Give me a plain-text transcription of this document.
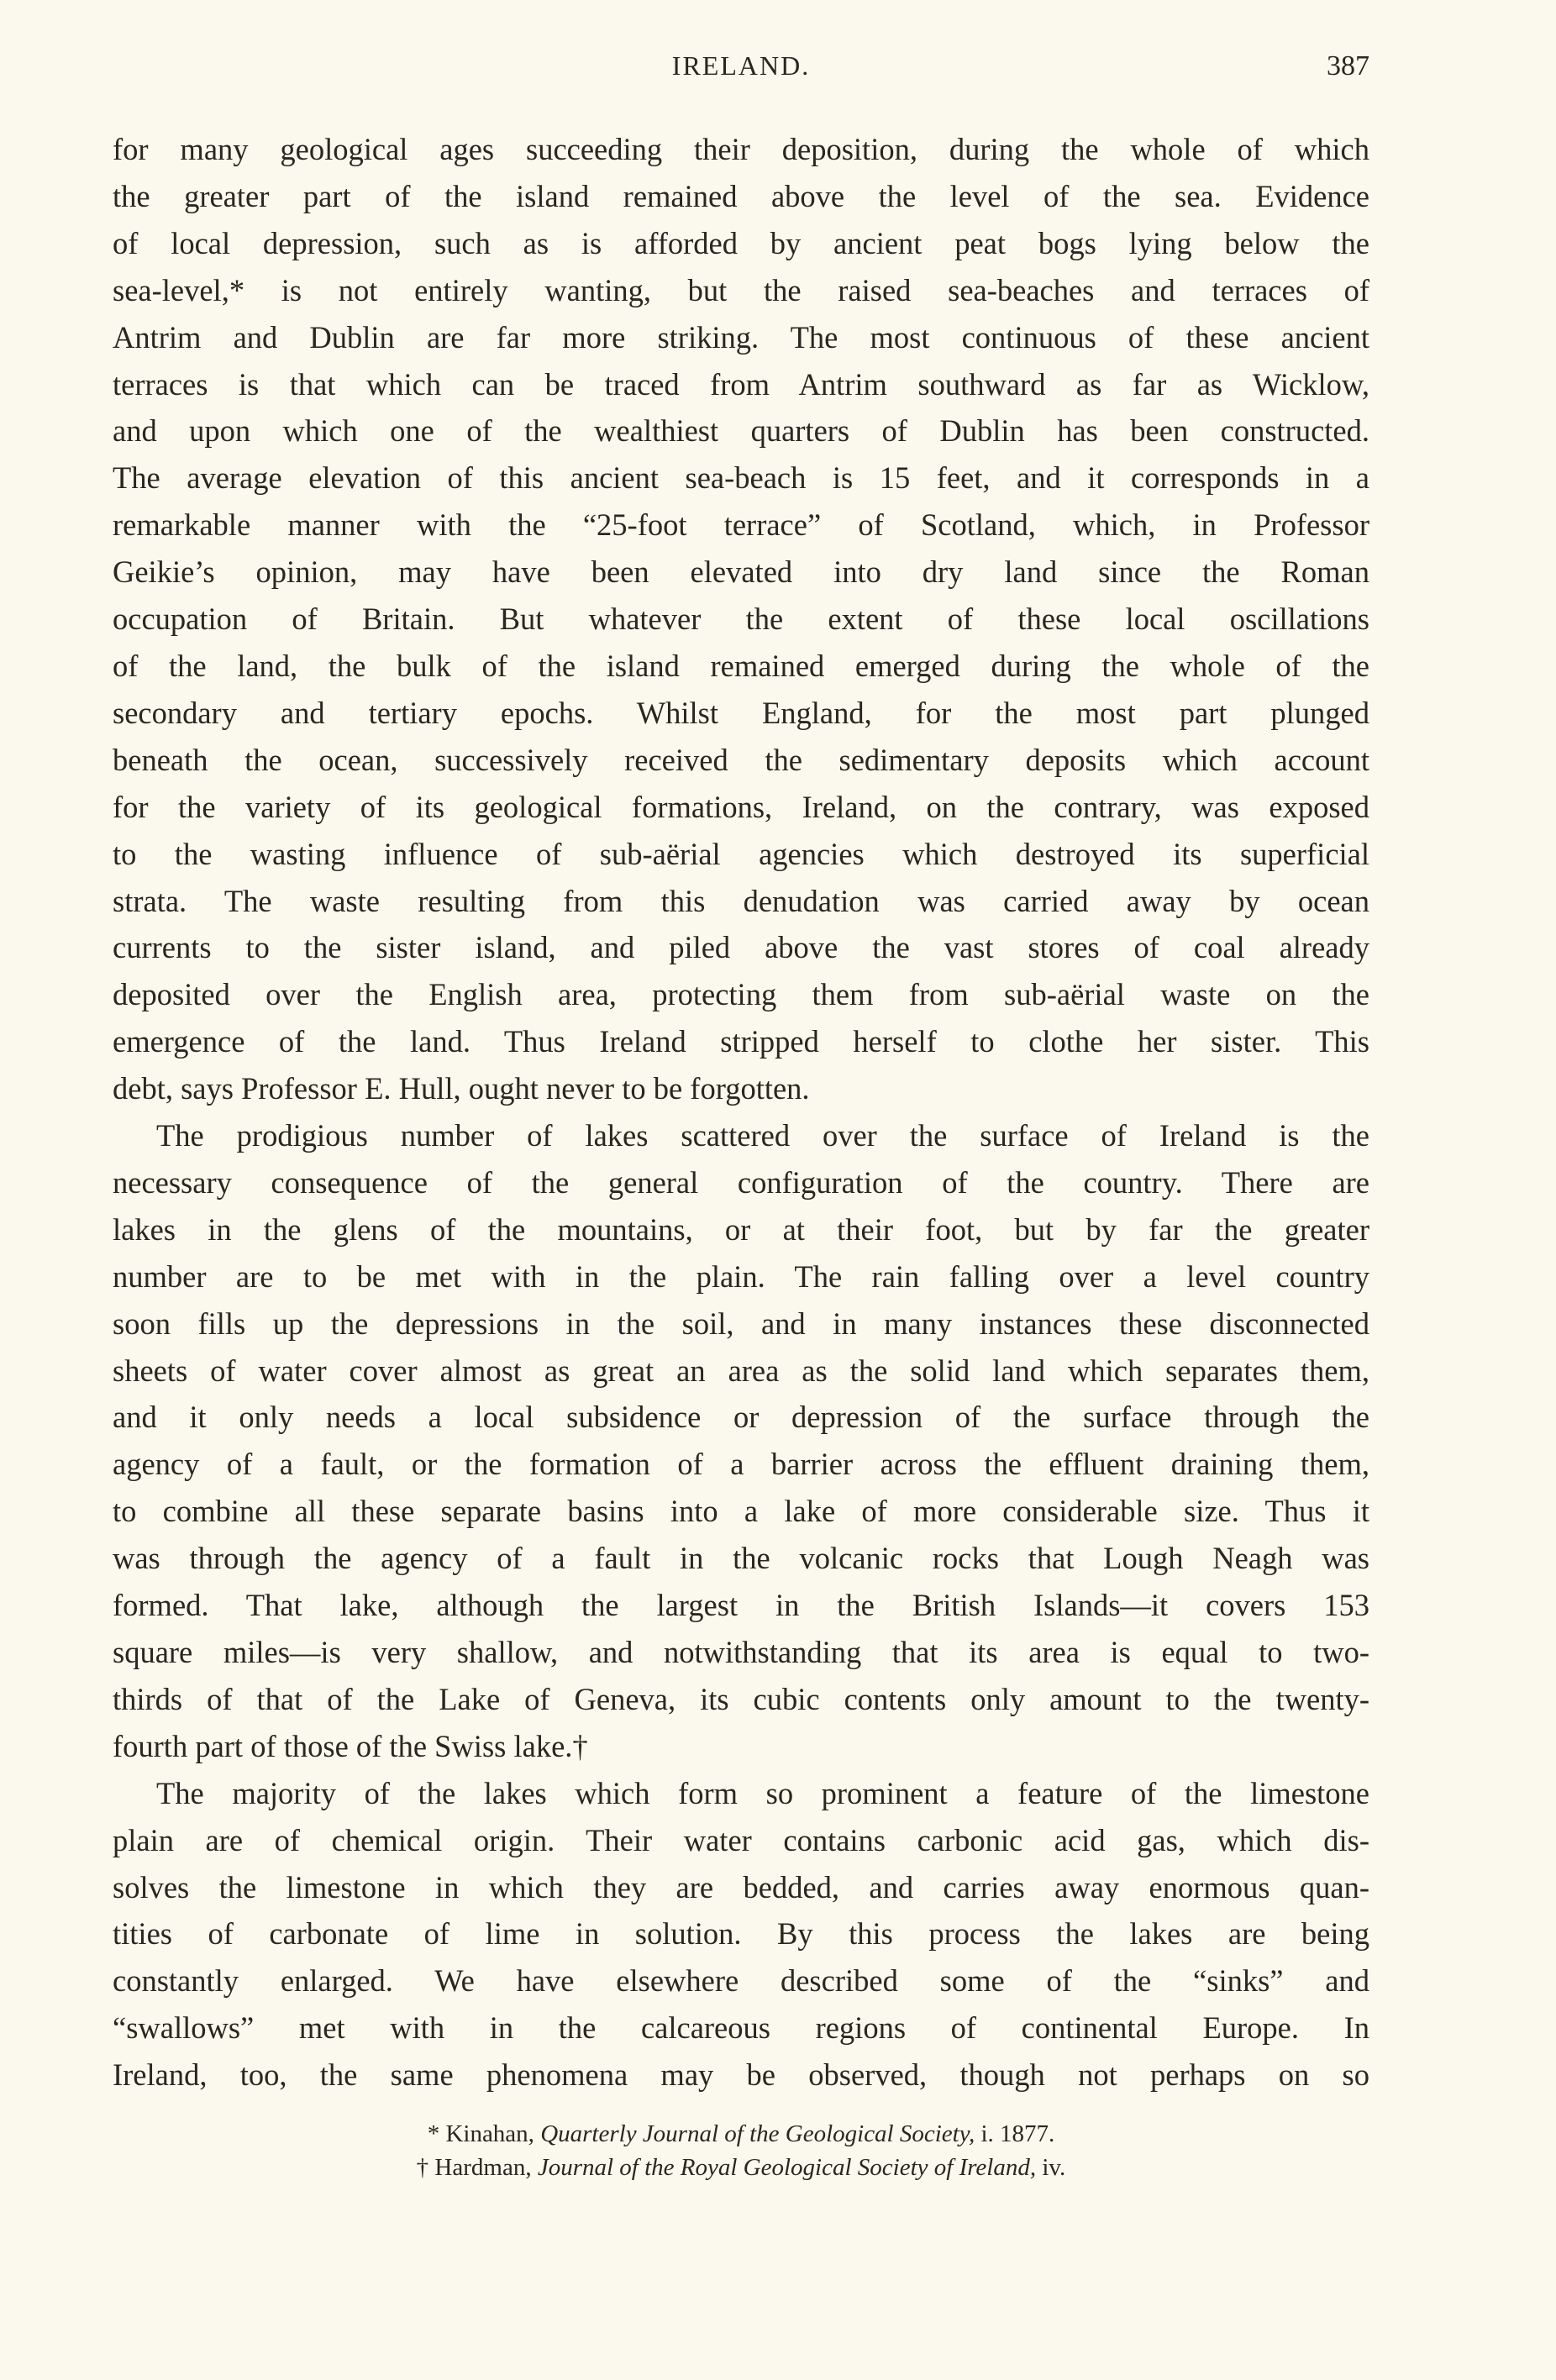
IRELAND.	387

for many geological ages succeeding their deposition, during the whole of which
the greater part of the island remained above the level of the sea. Evidence
of local depression, such as is afforded by ancient peat bogs lying below the
sea-level,* is not entirely wanting, but the raised sea-beaches and terraces of
Antrim and Dublin are far more striking. The most continuous of these ancient
terraces is that which can be traced from Antrim southward as far as Wicklow,
and upon which one of the wealthiest quarters of Dublin has been constructed.
The average elevation of this ancient sea-beach is 15 feet, and it corresponds in a
remarkable manner with the “25-foot terrace” of Scotland, which, in Professor
Geikie’s opinion, may have been elevated into dry land since the Roman
occupation of Britain. But whatever the extent of these local oscillations
of the land, the bulk of the island remained emerged during the whole of the
secondary and tertiary epochs. Whilst England, for the most part plunged
beneath the ocean, successively received the sedimentary deposits which account
for the variety of its geological formations, Ireland, on the contrary, was exposed
to the wasting influence of sub-aërial agencies which destroyed its superficial
strata. The waste resulting from this denudation was carried away by ocean
currents to the sister island, and piled above the vast stores of coal already
deposited over the English area, protecting them from sub-aërial waste on the
emergence of the land. Thus Ireland stripped herself to clothe her sister. This
debt, says Professor E. Hull, ought never to be forgotten.

The prodigious number of lakes scattered over the surface of Ireland is the
necessary consequence of the general configuration of the country. There are
lakes in the glens of the mountains, or at their foot, but by far the greater
number are to be met with in the plain. The rain falling over a level country
soon fills up the depressions in the soil, and in many instances these disconnected
sheets of water cover almost as great an area as the solid land which separates them,
and it only needs a local subsidence or depression of the surface through the
agency of a fault, or the formation of a barrier across the effluent draining them,
to combine all these separate basins into a lake of more considerable size. Thus it
was through the agency of a fault in the volcanic rocks that Lough Neagh was
formed. That lake, although the largest in the British Islands—it covers 153
square miles—is very shallow, and notwithstanding that its area is equal to two-
thirds of that of the Lake of Geneva, its cubic contents only amount to the twenty-
fourth part of those of the Swiss lake.†

The majority of the lakes which form so prominent a feature of the limestone
plain are of chemical origin. Their water contains carbonic acid gas, which dis-
solves the limestone in which they are bedded, and carries away enormous quan-
tities of carbonate of lime in solution. By this process the lakes are being
constantly enlarged. We have elsewhere described some of the “sinks” and
“swallows” met with in the calcareous regions of continental Europe. In
Ireland, too, the same phenomena may be observed, though not perhaps on so

* Kinahan, Quarterly Journal of the Geological Society, i. 1877.
† Hardman, Journal of the Royal Geological Society of Ireland, iv.
